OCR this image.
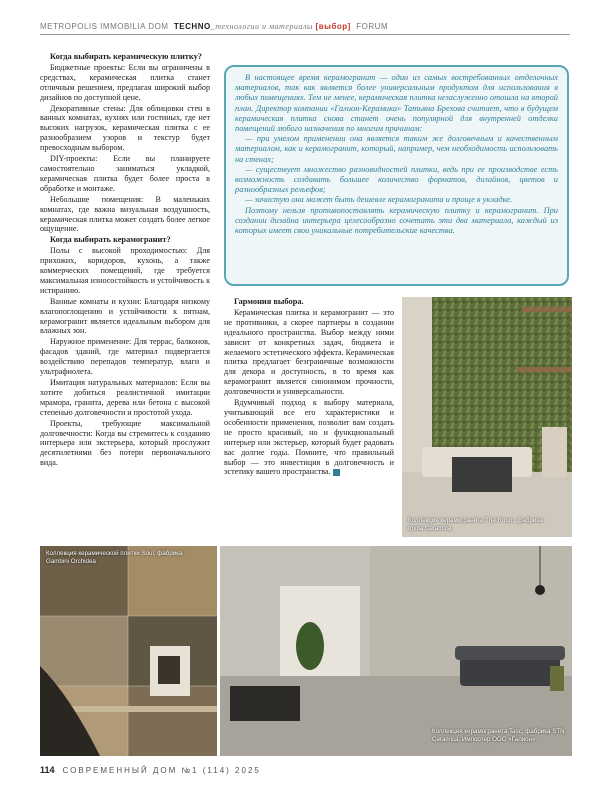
METROPOLIS IMMOBILIA DOM TECHNO_технологии и материалы [выбор] FORUM
Когда выбирать керамическую плитку?

Бюджетные проекты: Если вы ограничены в средствах, керамическая плитка станет отличным решением, предлагая широкий выбор дизайнов по доступной цене.

Декоративные стены: Для облицовки стен в ванных комнатах, кухнях или гостиных, где нет высоких нагрузок, керамическая плитка с ее разнообразием узоров и текстур будет превосходным выбором.

DIY-проекты: Если вы планируете самостоятельно заниматься укладкой, керамическая плитка будет более проста в обработке и монтаже.

Небольшие помещения: В маленьких комнатах, где важна визуальная воздушность, керамическая плитка может создать более легкое ощущение.

Когда выбирать керамогранит?

Полы с высокой проходимостью: Для прихожих, коридоров, кухонь, а также коммерческих помещений, где требуется максимальная износостойкость и устойчивость к истиранию.

Ванные комнаты и кухни: Благодаря низкому влагопоглощению и устойчивости к пятнам, керамогранит является идеальным выбором для влажных зон.

Наружное применение: Для террас, балконов, фасадов зданий, где материал подвергается воздействию перепадов температур, влаги и ультрафиолета.

Имитация натуральных материалов: Если вы хотите добиться реалистичной имитации мрамора, гранита, дерева или бетона с высокой степенью долговечности и простотой ухода.

Проекты, требующие максимальной долговечности: Когда вы стремитесь к созданию интерьера или экстерьера, который прослужит десятилетиями без потери первоначального вида.

В настоящее время керамогранит — один из самых востребованных отделочных материалов, так как является более универсальным продуктом для использования в любых помещениях. Тем не менее, керамическая плитка незаслуженно отошла на второй план. Директор компании «Галион-Керамика» Татьяна Брехова считает, что в будущем керамическая плитка снова станет очень популярной для внутренней отделки помещений любого назначения по многим причинам:

— при умелом применении она является таким же долговечным и качественным материалом, как и керамогранит, который, например, чем необходимость использовать на стенах;

— существует множество разновидностей плитки, ведь при ее производстве есть возможность создавать большее количество форматов, дизайнов, цветов и разнообразных рельефов;

— зачастую она может быть дешевле керамогранита и проще в укладке.

Поэтому нельзя противопоставлять керамическую плитку и керамогранит. При создании дизайна интерьера целесообразно сочетать эти два материала, каждый из которых имеет свои уникальные потребительские качества.

Гармония выбора.

Керамическая плитка и керамогранит — это не противники, а скорее партнеры в создании идеального пространства. Выбор между ними зависит от конкретных задач, бюджета и желаемого эстетического эффекта. Керамическая плитка предлагает безграничные возможности для декора и доступность, в то время как керамогранит является синонимом прочности, долговечности и универсальности.

Вдумчивый подход к выбору материала, учитывающий все его характеристики и особенности применения, позволит вам создать не просто красивый, но и функциональный интерьер или экстерьер, который будет радовать вас долгие годы. Помните, что правильный выбор — это инвестиция в долговечность и эстетику вашего пространства.

Коллекция керамогранита The Room, фабрика Imola Ceramica
Коллекция керамической плитки Soul, фабрика Gambini Orchidea
Коллекция керамогранита Tasc, фабрика STN Ceramica. Импортер ООО «Галион»
114 СОВРЕМЕННЫЙ ДОМ №1 (114) 2025
